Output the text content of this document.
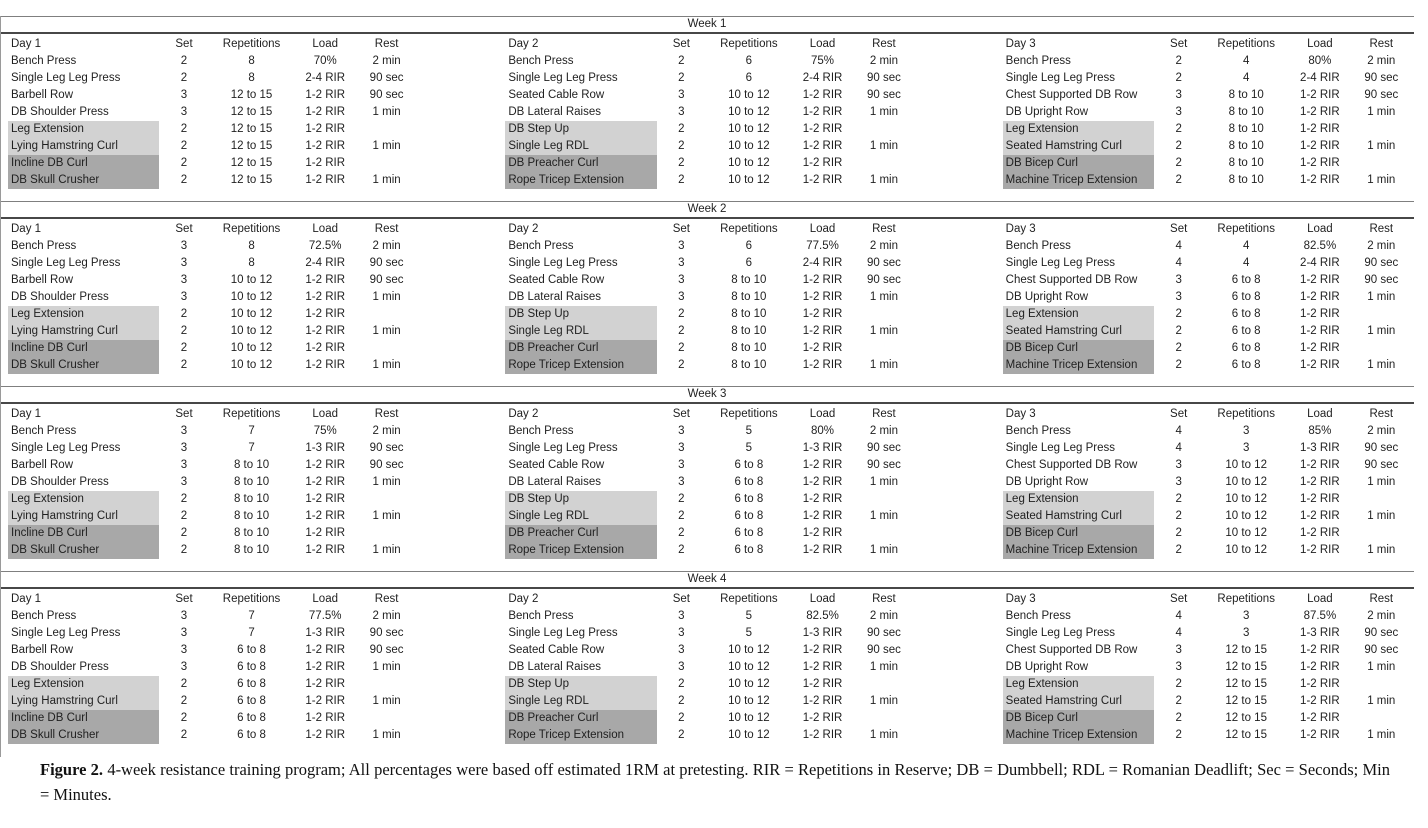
Week 1
Day 1	Set	Repetitions	Load	Rest
Bench Press	2	8	70%	2 min
Single Leg Leg Press	2	8	2-4 RIR	90 sec
Barbell Row	3	12 to 15	1-2 RIR	90 sec
DB Shoulder Press	3	12 to 15	1-2 RIR	1 min
Leg Extension	2	12 to 15	1-2 RIR	
Lying Hamstring Curl	2	12 to 15	1-2 RIR	1 min
Incline DB Curl	2	12 to 15	1-2 RIR	
DB Skull Crusher	2	12 to 15	1-2 RIR	1 min
Day 2	Set	Repetitions	Load	Rest
Bench Press	2	6	75%	2 min
Single Leg Leg Press	2	6	2-4 RIR	90 sec
Seated Cable Row	3	10 to 12	1-2 RIR	90 sec
DB Lateral Raises	3	10 to 12	1-2 RIR	1 min
DB Step Up	2	10 to 12	1-2 RIR	
Single Leg RDL	2	10 to 12	1-2 RIR	1 min
DB Preacher Curl	2	10 to 12	1-2 RIR	
Rope Tricep Extension	2	10 to 12	1-2 RIR	1 min
Day 3	Set	Repetitions	Load	Rest
Bench Press	2	4	80%	2 min
Single Leg Leg Press	2	4	2-4 RIR	90 sec
Chest Supported DB Row	3	8 to 10	1-2 RIR	90 sec
DB Upright Row	3	8 to 10	1-2 RIR	1 min
Leg Extension	2	8 to 10	1-2 RIR	
Seated Hamstring Curl	2	8 to 10	1-2 RIR	1 min
DB Bicep Curl	2	8 to 10	1-2 RIR	
Machine Tricep Extension	2	8 to 10	1-2 RIR	1 min
Week 2
Day 1	Set	Repetitions	Load	Rest
Bench Press	3	8	72.5%	2 min
Single Leg Leg Press	3	8	2-4 RIR	90 sec
Barbell Row	3	10 to 12	1-2 RIR	90 sec
DB Shoulder Press	3	10 to 12	1-2 RIR	1 min
Leg Extension	2	10 to 12	1-2 RIR	
Lying Hamstring Curl	2	10 to 12	1-2 RIR	1 min
Incline DB Curl	2	10 to 12	1-2 RIR	
DB Skull Crusher	2	10 to 12	1-2 RIR	1 min
Day 2	Set	Repetitions	Load	Rest
Bench Press	3	6	77.5%	2 min
Single Leg Leg Press	3	6	2-4 RIR	90 sec
Seated Cable Row	3	8 to 10	1-2 RIR	90 sec
DB Lateral Raises	3	8 to 10	1-2 RIR	1 min
DB Step Up	2	8 to 10	1-2 RIR	
Single Leg RDL	2	8 to 10	1-2 RIR	1 min
DB Preacher Curl	2	8 to 10	1-2 RIR	
Rope Tricep Extension	2	8 to 10	1-2 RIR	1 min
Day 3	Set	Repetitions	Load	Rest
Bench Press	4	4	82.5%	2 min
Single Leg Leg Press	4	4	2-4 RIR	90 sec
Chest Supported DB Row	3	6 to 8	1-2 RIR	90 sec
DB Upright Row	3	6 to 8	1-2 RIR	1 min
Leg Extension	2	6 to 8	1-2 RIR	
Seated Hamstring Curl	2	6 to 8	1-2 RIR	1 min
DB Bicep Curl	2	6 to 8	1-2 RIR	
Machine Tricep Extension	2	6 to 8	1-2 RIR	1 min
Week 3
Day 1	Set	Repetitions	Load	Rest
Bench Press	3	7	75%	2 min
Single Leg Leg Press	3	7	1-3 RIR	90 sec
Barbell Row	3	8 to 10	1-2 RIR	90 sec
DB Shoulder Press	3	8 to 10	1-2 RIR	1 min
Leg Extension	2	8 to 10	1-2 RIR	
Lying Hamstring Curl	2	8 to 10	1-2 RIR	1 min
Incline DB Curl	2	8 to 10	1-2 RIR	
DB Skull Crusher	2	8 to 10	1-2 RIR	1 min
Day 2	Set	Repetitions	Load	Rest
Bench Press	3	5	80%	2 min
Single Leg Leg Press	3	5	1-3 RIR	90 sec
Seated Cable Row	3	6 to 8	1-2 RIR	90 sec
DB Lateral Raises	3	6 to 8	1-2 RIR	1 min
DB Step Up	2	6 to 8	1-2 RIR	
Single Leg RDL	2	6 to 8	1-2 RIR	1 min
DB Preacher Curl	2	6 to 8	1-2 RIR	
Rope Tricep Extension	2	6 to 8	1-2 RIR	1 min
Day 3	Set	Repetitions	Load	Rest
Bench Press	4	3	85%	2 min
Single Leg Leg Press	4	3	1-3 RIR	90 sec
Chest Supported DB Row	3	10 to 12	1-2 RIR	90 sec
DB Upright Row	3	10 to 12	1-2 RIR	1 min
Leg Extension	2	10 to 12	1-2 RIR	
Seated Hamstring Curl	2	10 to 12	1-2 RIR	1 min
DB Bicep Curl	2	10 to 12	1-2 RIR	
Machine Tricep Extension	2	10 to 12	1-2 RIR	1 min
Week 4
Day 1	Set	Repetitions	Load	Rest
Bench Press	3	7	77.5%	2 min
Single Leg Leg Press	3	7	1-3 RIR	90 sec
Barbell Row	3	6 to 8	1-2 RIR	90 sec
DB Shoulder Press	3	6 to 8	1-2 RIR	1 min
Leg Extension	2	6 to 8	1-2 RIR	
Lying Hamstring Curl	2	6 to 8	1-2 RIR	1 min
Incline DB Curl	2	6 to 8	1-2 RIR	
DB Skull Crusher	2	6 to 8	1-2 RIR	1 min
Day 2	Set	Repetitions	Load	Rest
Bench Press	3	5	82.5%	2 min
Single Leg Leg Press	3	5	1-3 RIR	90 sec
Seated Cable Row	3	10 to 12	1-2 RIR	90 sec
DB Lateral Raises	3	10 to 12	1-2 RIR	1 min
DB Step Up	2	10 to 12	1-2 RIR	
Single Leg RDL	2	10 to 12	1-2 RIR	1 min
DB Preacher Curl	2	10 to 12	1-2 RIR	
Rope Tricep Extension	2	10 to 12	1-2 RIR	1 min
Day 3	Set	Repetitions	Load	Rest
Bench Press	4	3	87.5%	2 min
Single Leg Leg Press	4	3	1-3 RIR	90 sec
Chest Supported DB Row	3	12 to 15	1-2 RIR	90 sec
DB Upright Row	3	12 to 15	1-2 RIR	1 min
Leg Extension	2	12 to 15	1-2 RIR	
Seated Hamstring Curl	2	12 to 15	1-2 RIR	1 min
DB Bicep Curl	2	12 to 15	1-2 RIR	
Machine Tricep Extension	2	12 to 15	1-2 RIR	1 min

Figure 2. 4-week resistance training program; All percentages were based off estimated 1RM at pretesting. RIR = Repetitions in Reserve; DB = Dumbbell; RDL = Romanian Deadlift; Sec = Seconds; Min = Minutes.
